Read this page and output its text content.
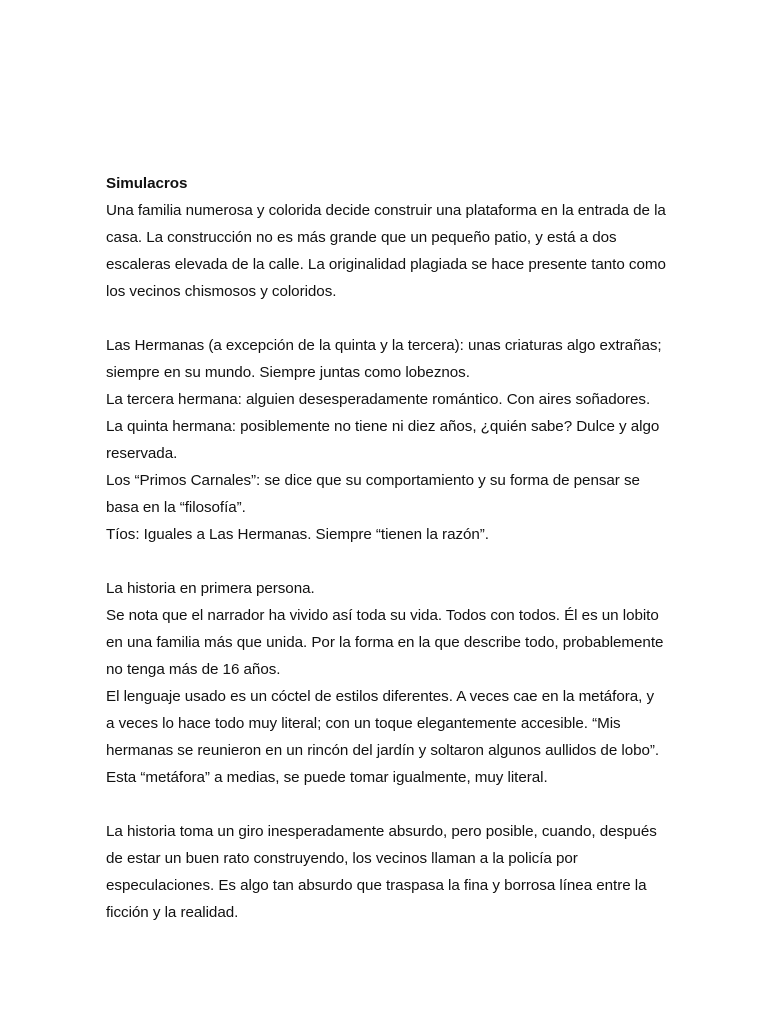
Simulacros

Una familia numerosa y colorida decide construir una plataforma en la entrada de la casa. La construcción no es más grande que un pequeño patio, y está a dos escaleras elevada de la calle. La originalidad plagiada se hace presente tanto como los vecinos chismosos y coloridos.

Las Hermanas (a excepción de la quinta y la tercera): unas criaturas algo extrañas; siempre en su mundo. Siempre juntas como lobeznos.

La tercera hermana: alguien desesperadamente romántico. Con aires soñadores.

La quinta hermana: posiblemente no tiene ni diez años, ¿quién sabe? Dulce y algo reservada.

Los “Primos Carnales”: se dice que su comportamiento y su forma de pensar se basa en la “filosofía”.

Tíos: Iguales a Las Hermanas. Siempre “tienen la razón”.

La historia en primera persona.

Se nota que el narrador ha vivido así toda su vida. Todos con todos. Él es un lobito en una familia más que unida. Por la forma en la que describe todo, probablemente no tenga más de 16 años.

El lenguaje usado es un cóctel de estilos diferentes. A veces cae en la metáfora, y a veces lo hace todo muy literal; con un toque elegantemente accesible. “Mis hermanas se reunieron en un rincón del jardín y soltaron algunos aullidos de lobo”. Esta “metáfora” a medias, se puede tomar igualmente, muy literal.

La historia toma un giro inesperadamente absurdo, pero posible, cuando, después de estar un buen rato construyendo, los vecinos llaman a la policía por especulaciones. Es algo tan absurdo que traspasa la fina y borrosa línea entre la ficción y la realidad.
